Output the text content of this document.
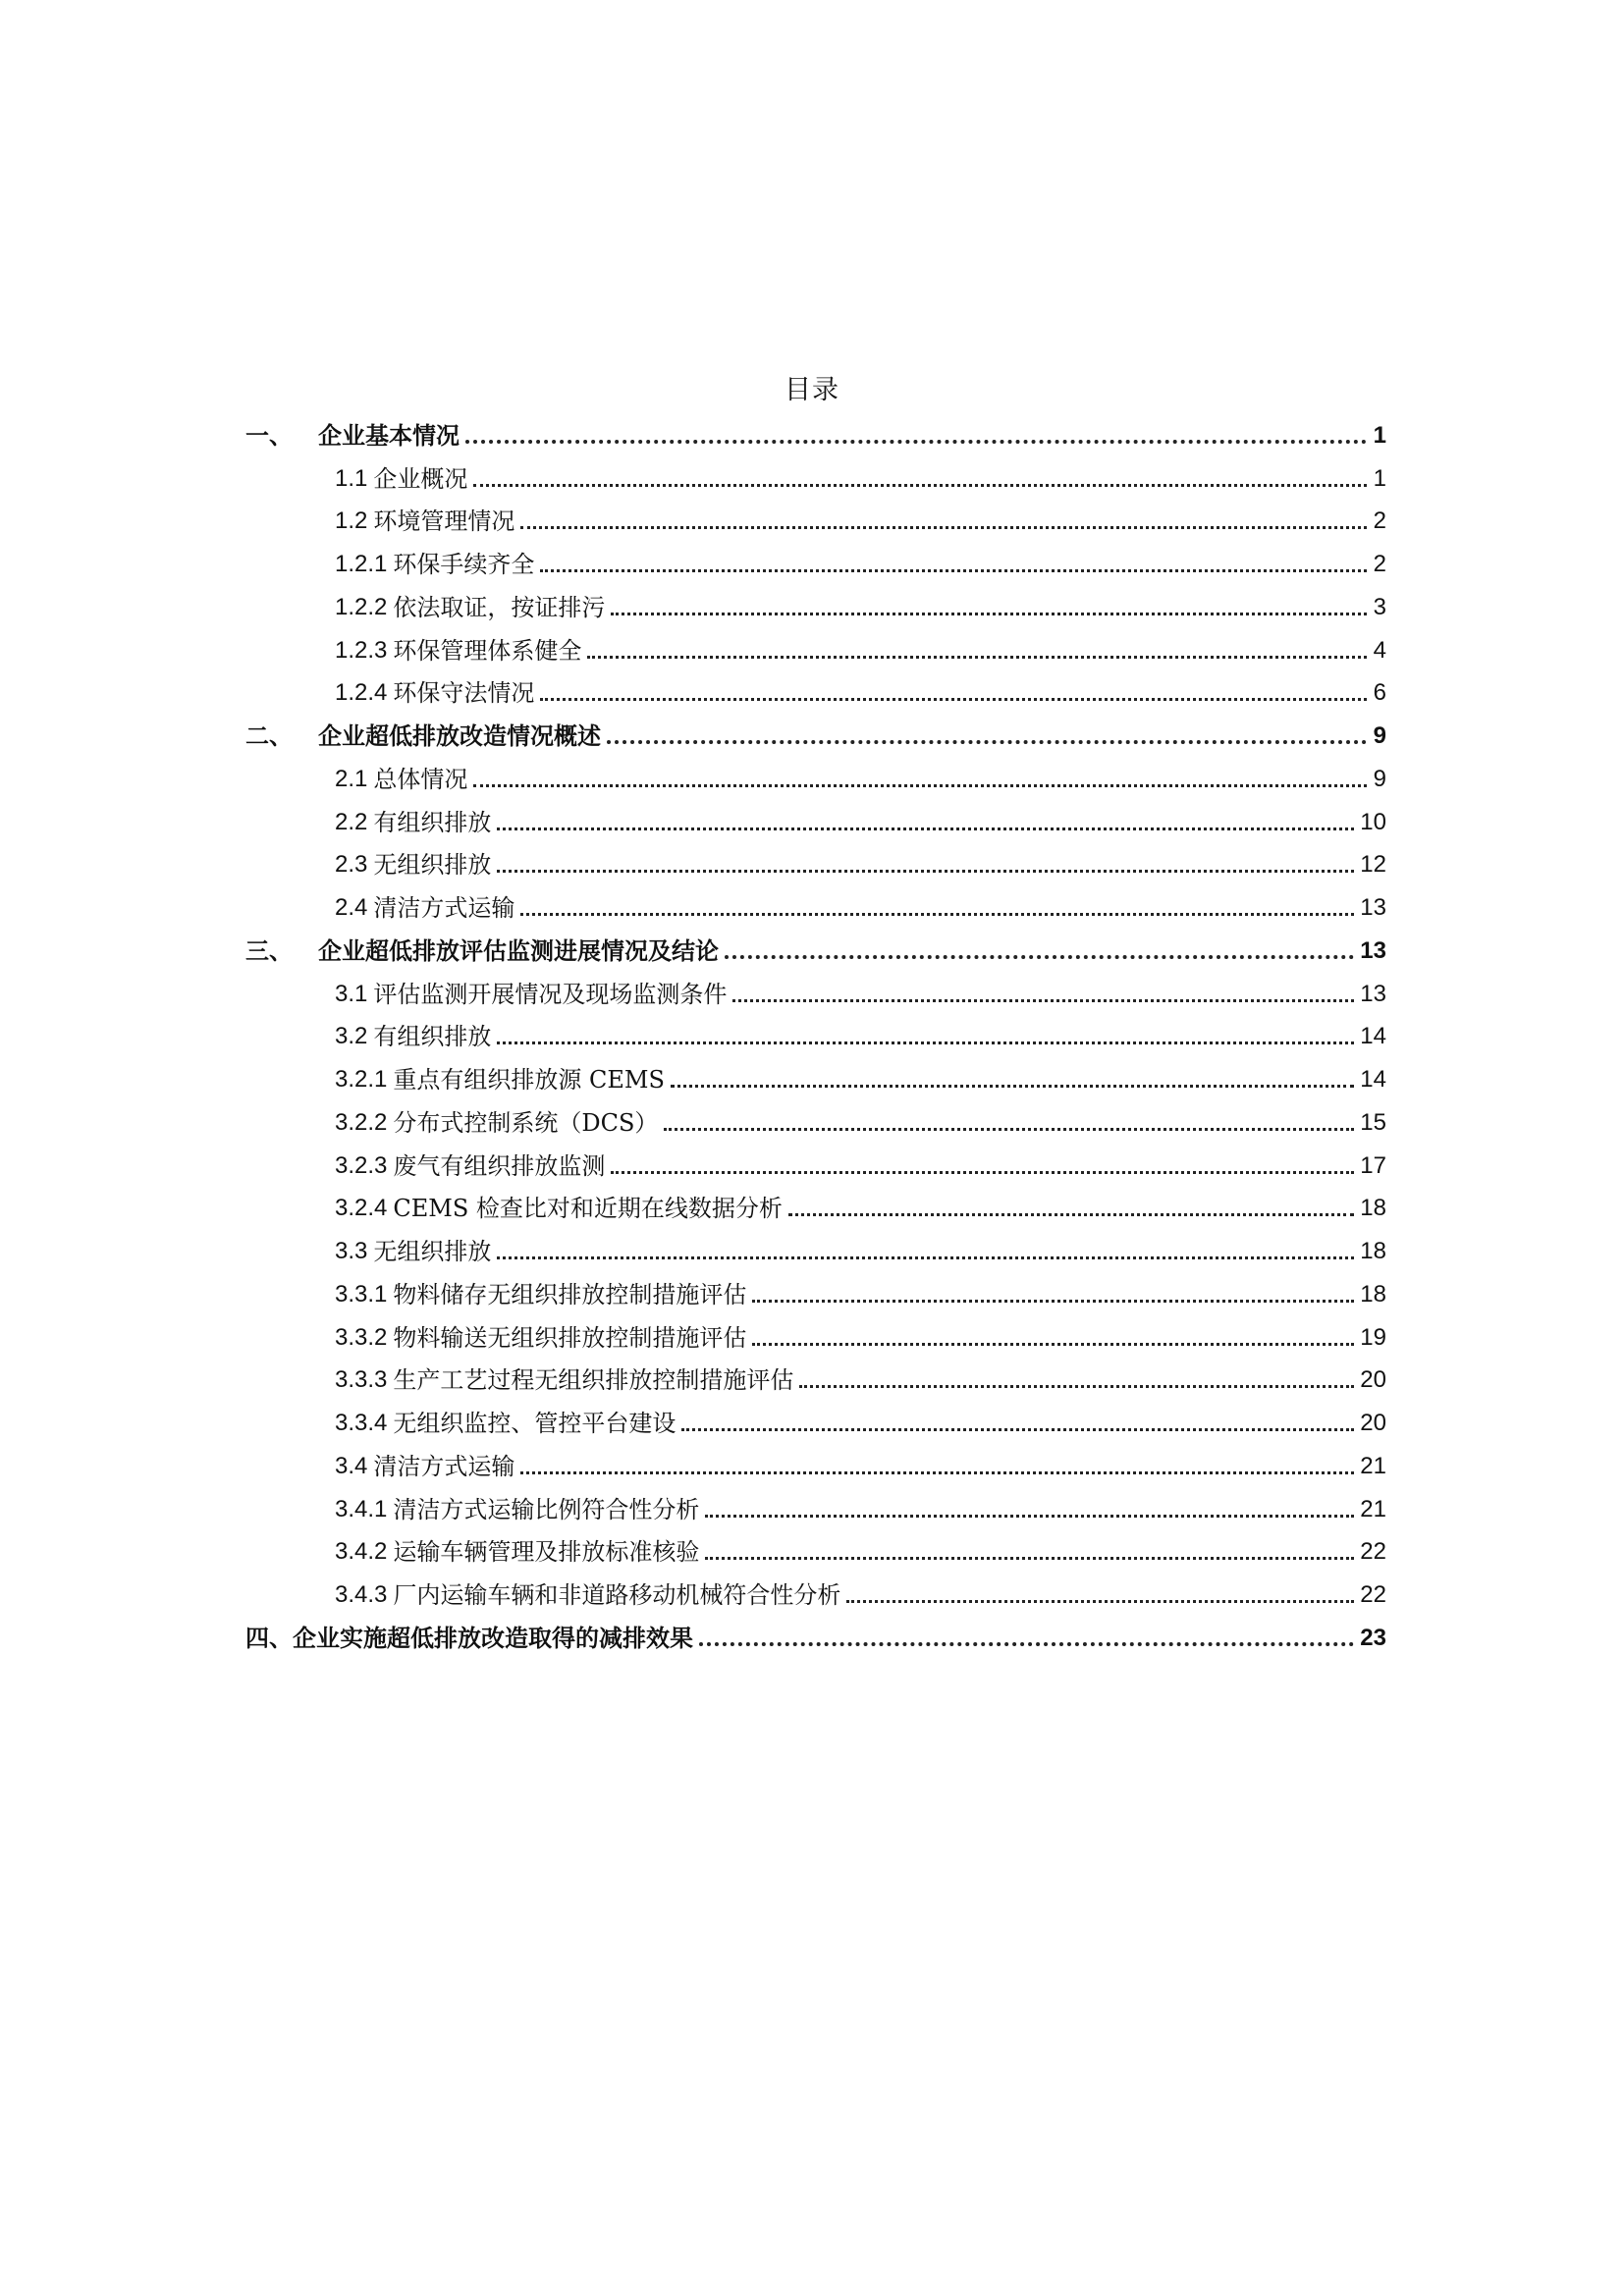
目录
一、	企业基本情况	1
1.1 企业概况	1
1.2 环境管理情况	2
1.2.1 环保手续齐全	2
1.2.2 依法取证，按证排污	3
1.2.3 环保管理体系健全	4
1.2.4 环保守法情况	6
二、	企业超低排放改造情况概述	9
2.1 总体情况	9
2.2 有组织排放	10
2.3 无组织排放	12
2.4 清洁方式运输	13
三、	企业超低排放评估监测进展情况及结论	13
3.1 评估监测开展情况及现场监测条件	13
3.2 有组织排放	14
3.2.1 重点有组织排放源 CEMS	14
3.2.2 分布式控制系统（DCS）	15
3.2.3 废气有组织排放监测	17
3.2.4 CEMS 检查比对和近期在线数据分析	18
3.3 无组织排放	18
3.3.1 物料储存无组织排放控制措施评估	18
3.3.2 物料输送无组织排放控制措施评估	19
3.3.3 生产工艺过程无组织排放控制措施评估	20
3.3.4 无组织监控、管控平台建设	20
3.4 清洁方式运输	21
3.4.1 清洁方式运输比例符合性分析	21
3.4.2 运输车辆管理及排放标准核验	22
3.4.3 厂内运输车辆和非道路移动机械符合性分析	22
四、 企业实施超低排放改造取得的减排效果	23
